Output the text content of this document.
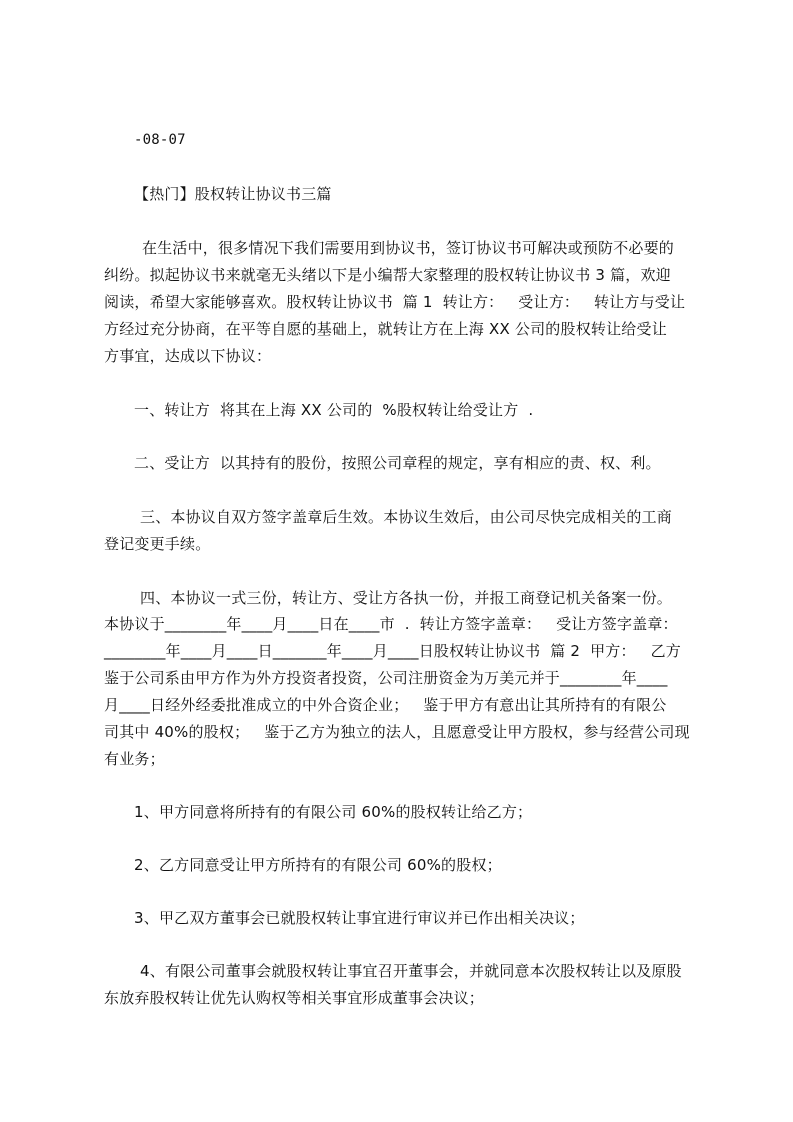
-08-07
【热门】股权转让协议书三篇
在生活中，很多情况下我们需要用到协议书，签订协议书可解决或预防不必要的
纠纷。拟起协议书来就毫无头绪以下是小编帮大家整理的股权转让协议书 3 篇，欢迎
阅读，希望大家能够喜欢。股权转让协议书  篇 1  转让方：   受让方：   转让方与受让
方经过充分协商，在平等自愿的基础上，就转让方在上海 XX 公司的股权转让给受让
方事宜，达成以下协议：
一、转让方  将其在上海 XX 公司的  %股权转让给受让方  .
二、受让方  以其持有的股份，按照公司章程的规定，享有相应的责、权、利。
三、本协议自双方签字盖章后生效。本协议生效后，由公司尽快完成相关的工商
登记变更手续。
四、本协议一式三份，转让方、受让方各执一份，并报工商登记机关备案一份。
本协议于________年____月____日在____市  .  转让方签字盖章：   受让方签字盖章：
________年____月____日_______年____月____日股权转让协议书  篇 2  甲方：   乙方
鉴于公司系由甲方作为外方投资者投资，公司注册资金为万美元并于________年____
月____日经外经委批准成立的中外合资企业；   鉴于甲方有意出让其所持有的有限公
司其中 40%的股权；   鉴于乙方为独立的法人，且愿意受让甲方股权，参与经营公司现
有业务；
1、甲方同意将所持有的有限公司 60%的股权转让给乙方；
2、乙方同意受让甲方所持有的有限公司 60%的股权；
3、甲乙双方董事会已就股权转让事宜进行审议并已作出相关决议；
4、有限公司董事会就股权转让事宜召开董事会，并就同意本次股权转让以及原股
东放弃股权转让优先认购权等相关事宜形成董事会决议；
